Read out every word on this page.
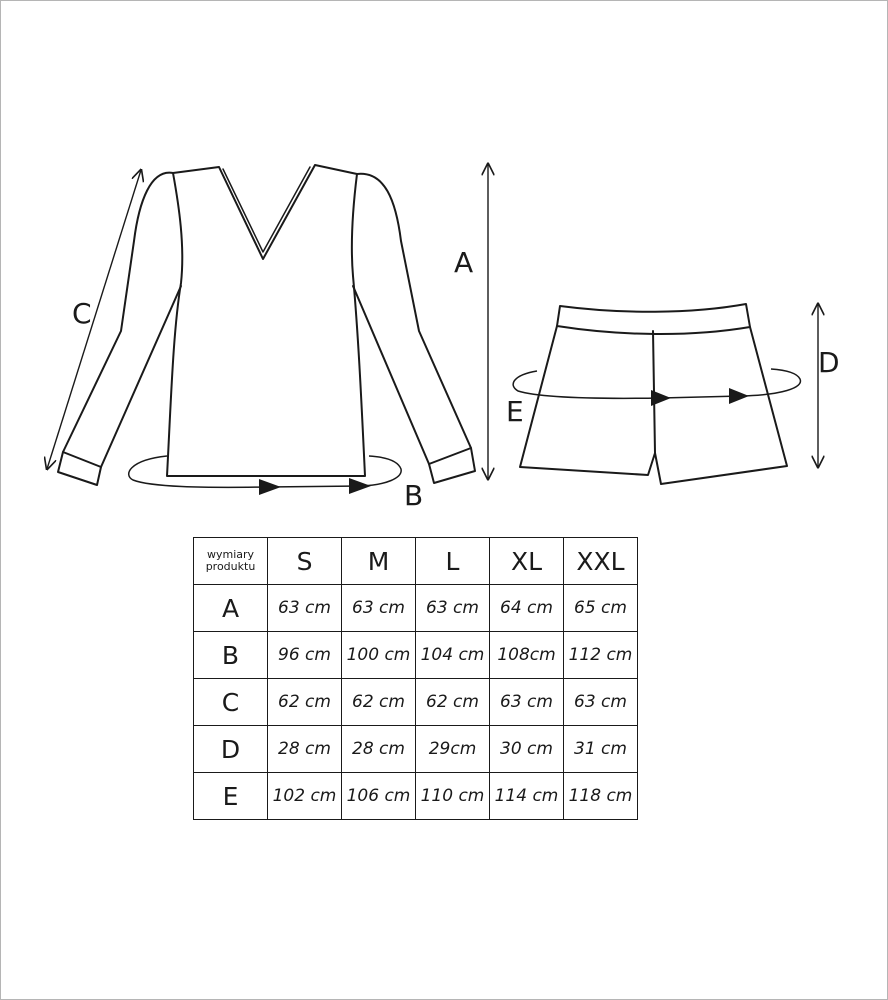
A
B
C
D
E
wymiary
produktu	S	M	L	XL	XXL
A	63 cm	63 cm	63 cm	64 cm	65 cm
B	96 cm	100 cm	104 cm	108cm	112 cm
C	62 cm	62 cm	62 cm	63 cm	63 cm
D	28 cm	28 cm	29cm	30 cm	31 cm
E	102 cm	106 cm	110 cm	114 cm	118 cm
